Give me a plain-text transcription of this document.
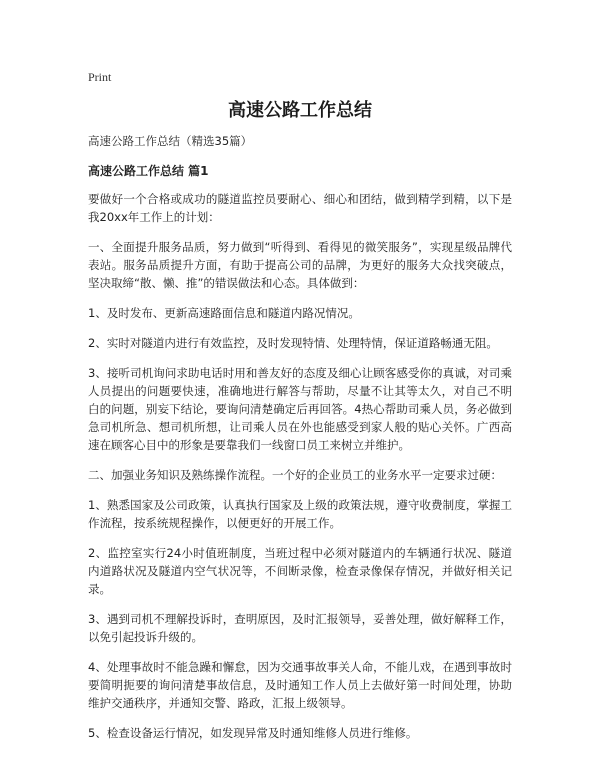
Print
高速公路工作总结

高速公路工作总结（精选35篇）

高速公路工作总结 篇1

要做好一个合格或成功的隧道监控员要耐心、细心和团结，做到精学到精，以下是我20xx年工作上的计划：

一、全面提升服务品质，努力做到“听得到、看得见的微笑服务”，实现星级品牌代表站。服务品质提升方面，有助于提高公司的品牌，为更好的服务大众找突破点，坚决取缔“散、懒、推”的错误做法和心态。具体做到：

1、及时发布、更新高速路面信息和隧道内路况情况。

2、实时对隧道内进行有效监控，及时发现特情、处理特情，保证道路畅通无阻。

3、接听司机询问求助电话时用和善友好的态度及细心让顾客感受你的真诚，对司乘人员提出的问题要快速，准确地进行解答与帮助，尽量不让其等太久，对自己不明白的问题，别妄下结论，要询问清楚确定后再回答。4热心帮助司乘人员，务必做到急司机所急、想司机所想，让司乘人员在外也能感受到家人般的贴心关怀。广西高速在顾客心目中的形象是要靠我们一线窗口员工来树立并维护。

二、加强业务知识及熟练操作流程。一个好的企业员工的业务水平一定要求过硬：

1、熟悉国家及公司政策，认真执行国家及上级的政策法规，遵守收费制度，掌握工作流程，按系统规程操作，以便更好的开展工作。

2、监控室实行24小时值班制度，当班过程中必须对隧道内的车辆通行状况、隧道内道路状况及隧道内空气状况等，不间断录像，检查录像保存情况，并做好相关记录。

3、遇到司机不理解投诉时，查明原因，及时汇报领导，妥善处理，做好解释工作，以免引起投诉升级的。

4、处理事故时不能急躁和懈怠，因为交通事故事关人命，不能儿戏，在遇到事故时要简明扼要的询问清楚事故信息，及时通知工作人员上去做好第一时间处理，协助维护交通秩序，并通知交警、路政，汇报上级领导。

5、检查设备运行情况，如发现异常及时通知维修人员进行维修。
